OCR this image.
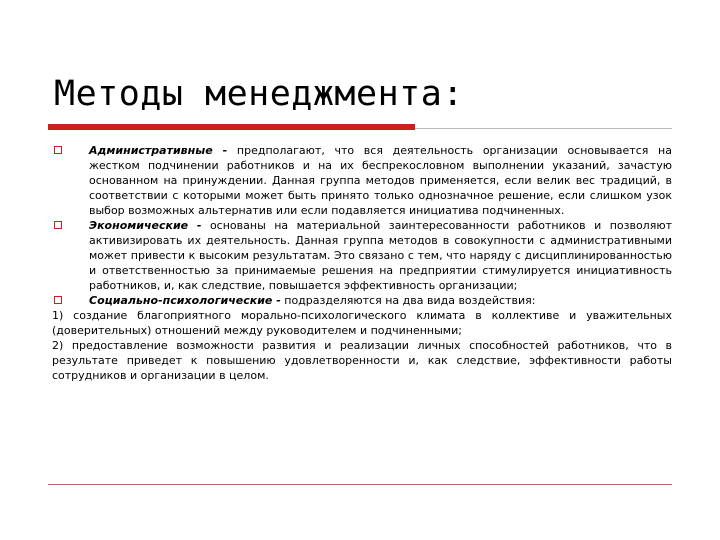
Методы менеджмента:
Административные - предполагают, что вся деятельность организации основывается на жестком подчинении работников и на их беспрекословном выполнении указаний, зачастую основанном на принуждении. Данная группа методов применяется, если велик вес традиций, в соответствии с которыми может быть принято только однозначное решение, если слишком узок выбор возможных альтернатив или если подавляется инициатива подчиненных.
Экономические - основаны на материальной заинтересованности работников и позволяют активизировать их деятельность. Данная группа методов в совокупности с административными может привести к высоким результатам. Это связано с тем, что наряду с дисциплинированностью и ответственностью за принимаемые решения на предприятии стимулируется инициативность работников, и, как следствие, повышается эффективность организации;
Социально-психологические - подразделяются на два вида воздействия:
1) создание благоприятного морально-психологического климата в коллективе и уважительных (доверительных) отношений между руководителем и подчиненными;
2) предоставление возможности развития и реализации личных способностей работников, что в результате приведет к повышению удовлетворенности и, как следствие, эффективности работы сотрудников и организации в целом.
